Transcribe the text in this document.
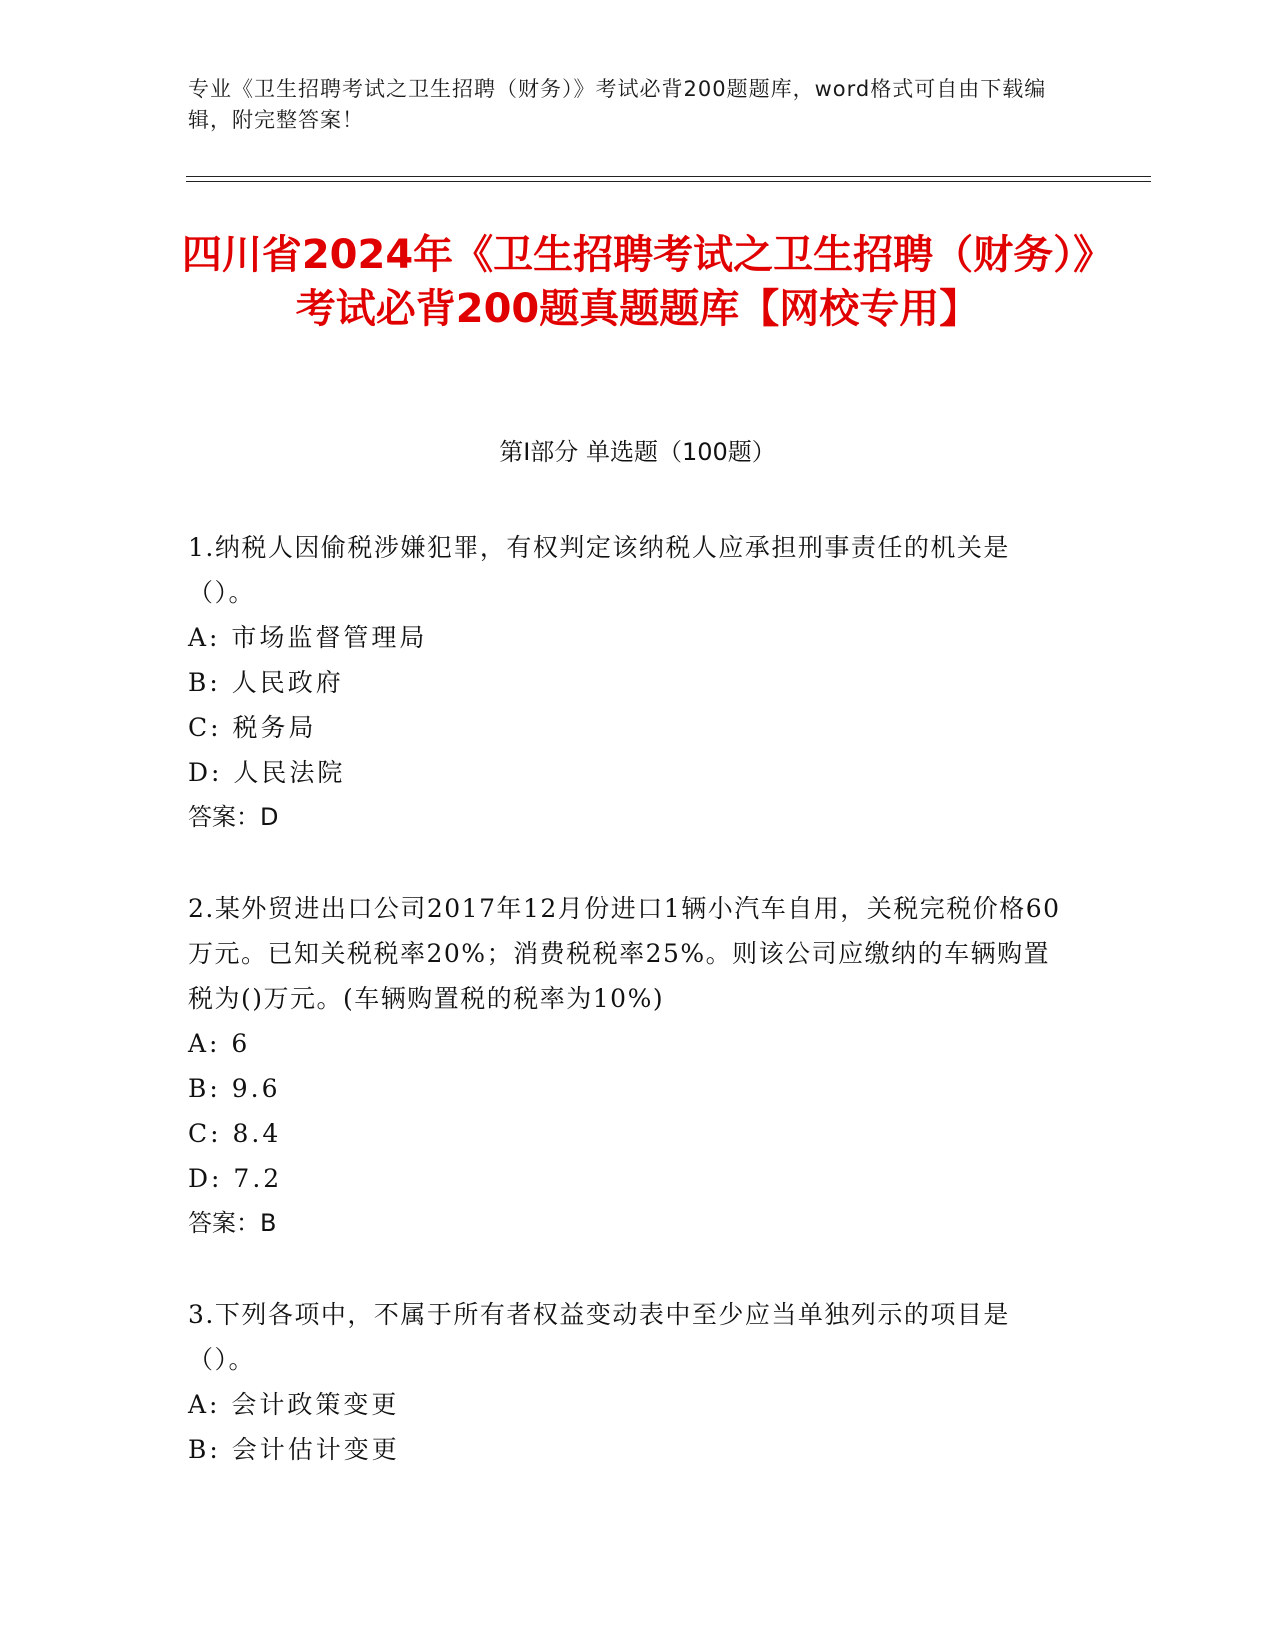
专业《卫生招聘考试之卫生招聘（财务）》考试必背200题题库，word格式可自由下载编辑，附完整答案！
四川省2024年《卫生招聘考试之卫生招聘（财务）》考试必背200题真题题库【网校专用】
第Ⅰ部分 单选题（100题）

1.纳税人因偷税涉嫌犯罪，有权判定该纳税人应承担刑事责任的机关是（）。

A: 市场监督管理局

B: 人民政府

C: 税务局

D: 人民法院

答案：D

2.某外贸进出口公司2017年12月份进口1辆小汽车自用，关税完税价格60万元。已知关税税率20%；消费税税率25%。则该公司应缴纳的车辆购置税为()万元。(车辆购置税的税率为10%)

A: 6

B: 9.6

C: 8.4

D: 7.2

答案：B

3.下列各项中，不属于所有者权益变动表中至少应当单独列示的项目是（）。

A: 会计政策变更

B: 会计估计变更
